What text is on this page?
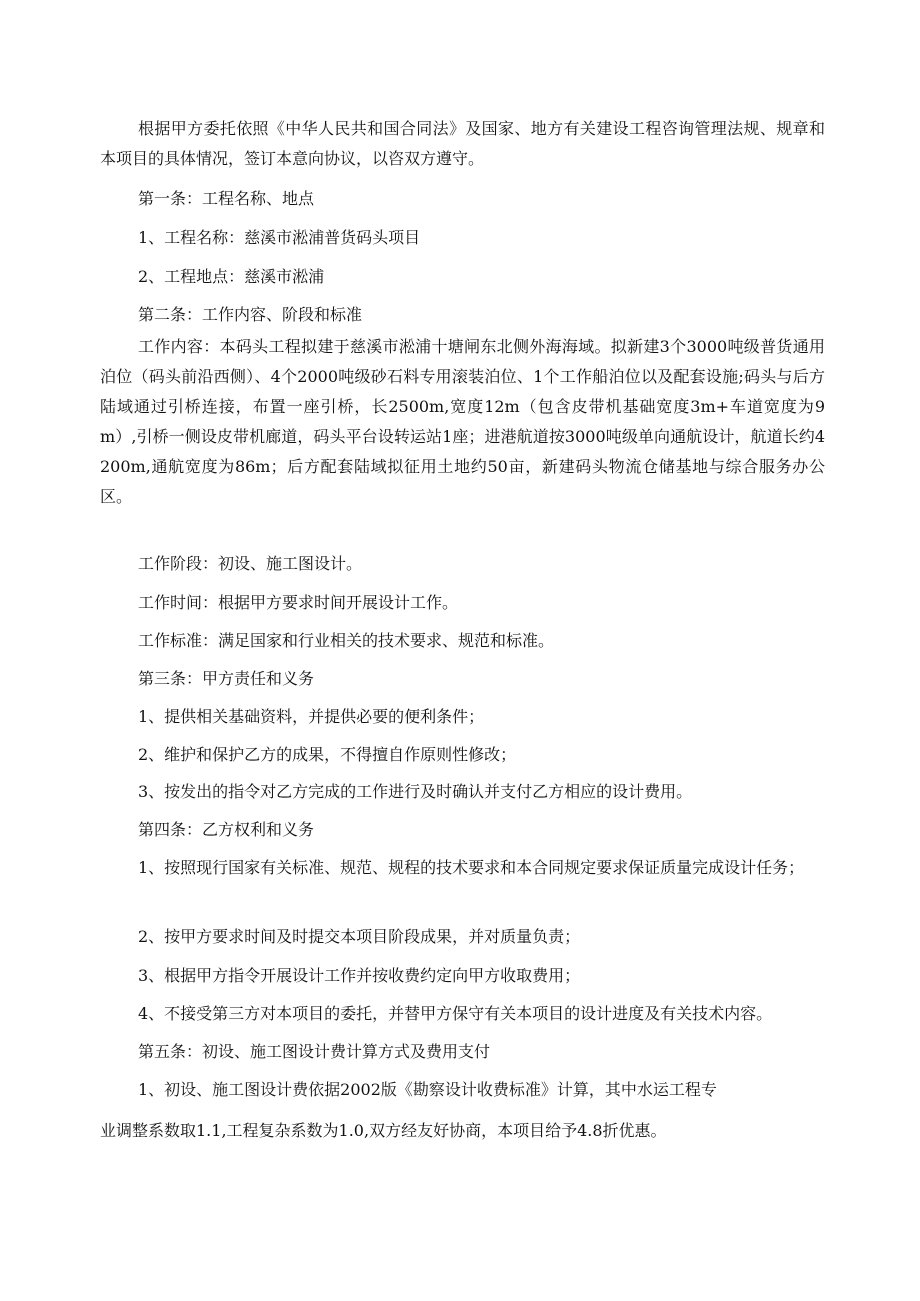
根据甲方委托依照《中华人民共和国合同法》及国家、地方有关建设工程咨询管理法规、规章和本项目的具体情况，签订本意向协议，以咨双方遵守。

第一条：工程名称、地点

1、工程名称：慈溪市淞浦普货码头项目

2、工程地点：慈溪市淞浦

第二条：工作内容、阶段和标准

工作内容：本码头工程拟建于慈溪市淞浦十塘闸东北侧外海海域。拟新建3个3000吨级普货通用泊位（码头前沿西侧）、4个2000吨级砂石料专用滚装泊位、1个工作船泊位以及配套设施;码头与后方陆域通过引桥连接，布置一座引桥，长2500m,宽度12m（包含皮带机基础宽度3m+车道宽度为9m）,引桥一侧设皮带机廊道，码头平台设转运站1座；进港航道按3000吨级单向通航设计，航道长约4200m,通航宽度为86m；后方配套陆域拟征用土地约50亩，新建码头物流仓储基地与综合服务办公区。

工作阶段：初设、施工图设计。

工作时间：根据甲方要求时间开展设计工作。

工作标准：满足国家和行业相关的技术要求、规范和标准。

第三条：甲方责任和义务

1、提供相关基础资料，并提供必要的便利条件；

2、维护和保护乙方的成果，不得擅自作原则性修改；

3、按发出的指令对乙方完成的工作进行及时确认并支付乙方相应的设计费用。

第四条：乙方权利和义务

1、按照现行国家有关标准、规范、规程的技术要求和本合同规定要求保证质量完成设计任务；

2、按甲方要求时间及时提交本项目阶段成果，并对质量负责；

3、根据甲方指令开展设计工作并按收费约定向甲方收取费用；

4、不接受第三方对本项目的委托，并替甲方保守有关本项目的设计进度及有关技术内容。

第五条：初设、施工图设计费计算方式及费用支付

1、初设、施工图设计费依据2002版《勘察设计收费标准》计算，其中水运工程专

业调整系数取1.1,工程复杂系数为1.0,双方经友好协商，本项目给予4.8折优惠。
